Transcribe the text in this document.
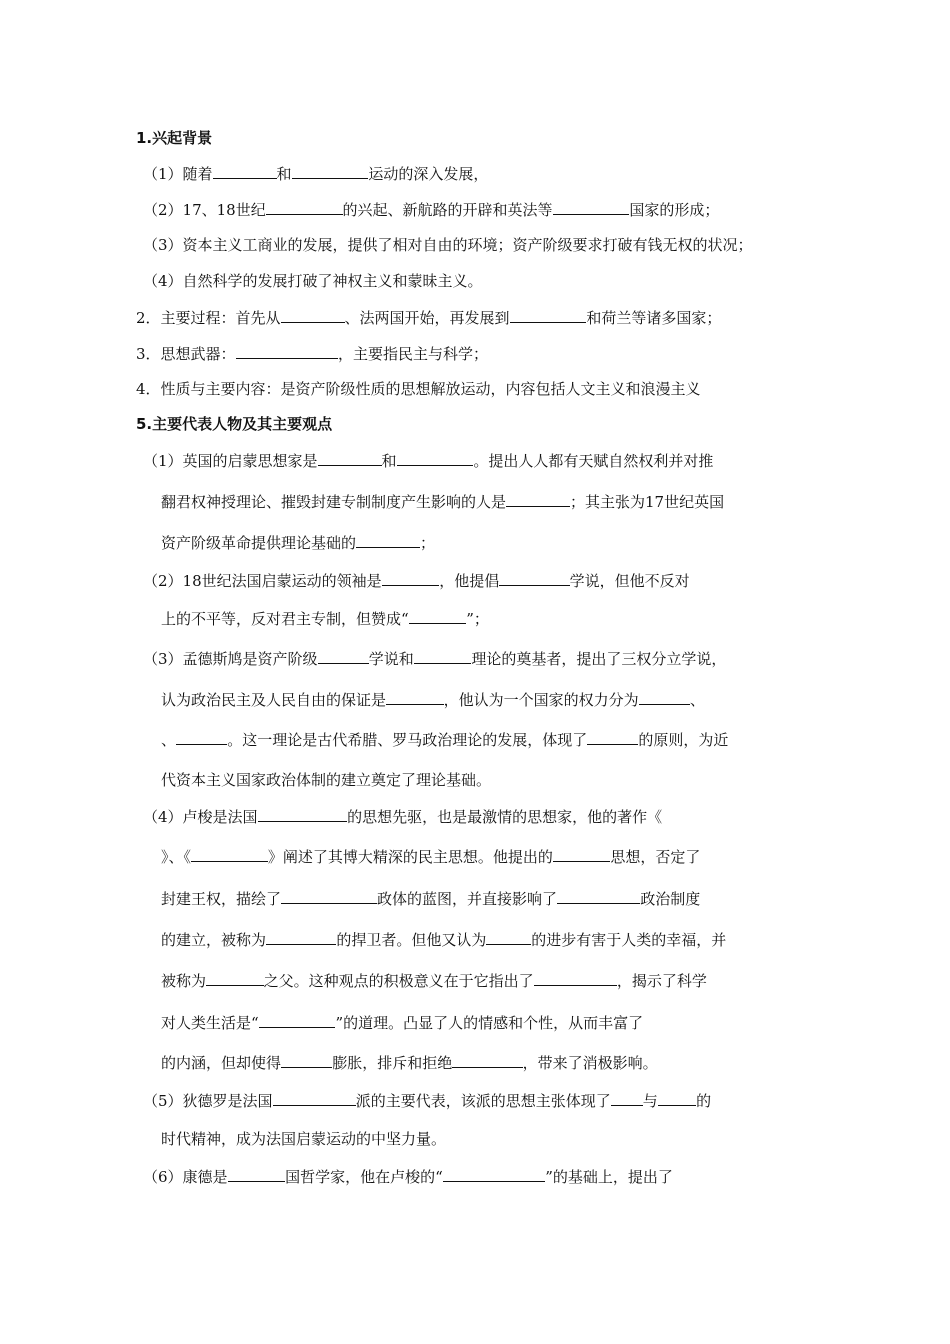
1.兴起背景
（1）随着	和	运动的深入发展，
（2）17、18世纪	的兴起、新航路的开辟和英法等	国家的形成；
（3）资本主义工商业的发展，提供了相对自由的环境；资产阶级要求打破有钱无权的状况；
（4）自然科学的发展打破了神权主义和蒙昧主义。
2．主要过程：首先从	、法两国开始，再发展到	和荷兰等诸多国家；
3．思想武器：	，主要指民主与科学；
4．性质与主要内容：是资产阶级性质的思想解放运动，内容包括人文主义和浪漫主义
5.主要代表人物及其主要观点
（1）英国的启蒙思想家是	和	。提出人人都有天赋自然权利并对推
翻君权神授理论、摧毁封建专制制度产生影响的人是	；其主张为17世纪英国
资产阶级革命提供理论基础的	；
（2）18世纪法国启蒙运动的领袖是	，他提倡	学说，但他不反对
上的不平等，反对君主专制，但赞成“	”；
（3）孟德斯鸠是资产阶级	学说和	理论的奠基者，提出了三权分立学说，
认为政治民主及人民自由的保证是	，他认为一个国家的权力分为	、
、	。这一理论是古代希腊、罗马政治理论的发展，体现了	的原则，为近
代资本主义国家政治体制的建立奠定了理论基础。
（4）卢梭是法国	的思想先驱，也是最激情的思想家，他的著作《
》、《	》阐述了其博大精深的民主思想。他提出的	思想，否定了
封建王权，描绘了	政体的蓝图，并直接影响了	政治制度
的建立，被称为	的捍卫者。但他又认为	的进步有害于人类的幸福，并
被称为	之父。这种观点的积极意义在于它指出了	，揭示了科学
对人类生活是“	”的道理。凸显了人的情感和个性，从而丰富了
的内涵，但却使得	膨胀，排斥和拒绝	，带来了消极影响。
（5）狄德罗是法国	派的主要代表，该派的思想主张体现了 与	的
时代精神，成为法国启蒙运动的中坚力量。
（6）康德是	国哲学家，他在卢梭的“	”的基础上，提出了
